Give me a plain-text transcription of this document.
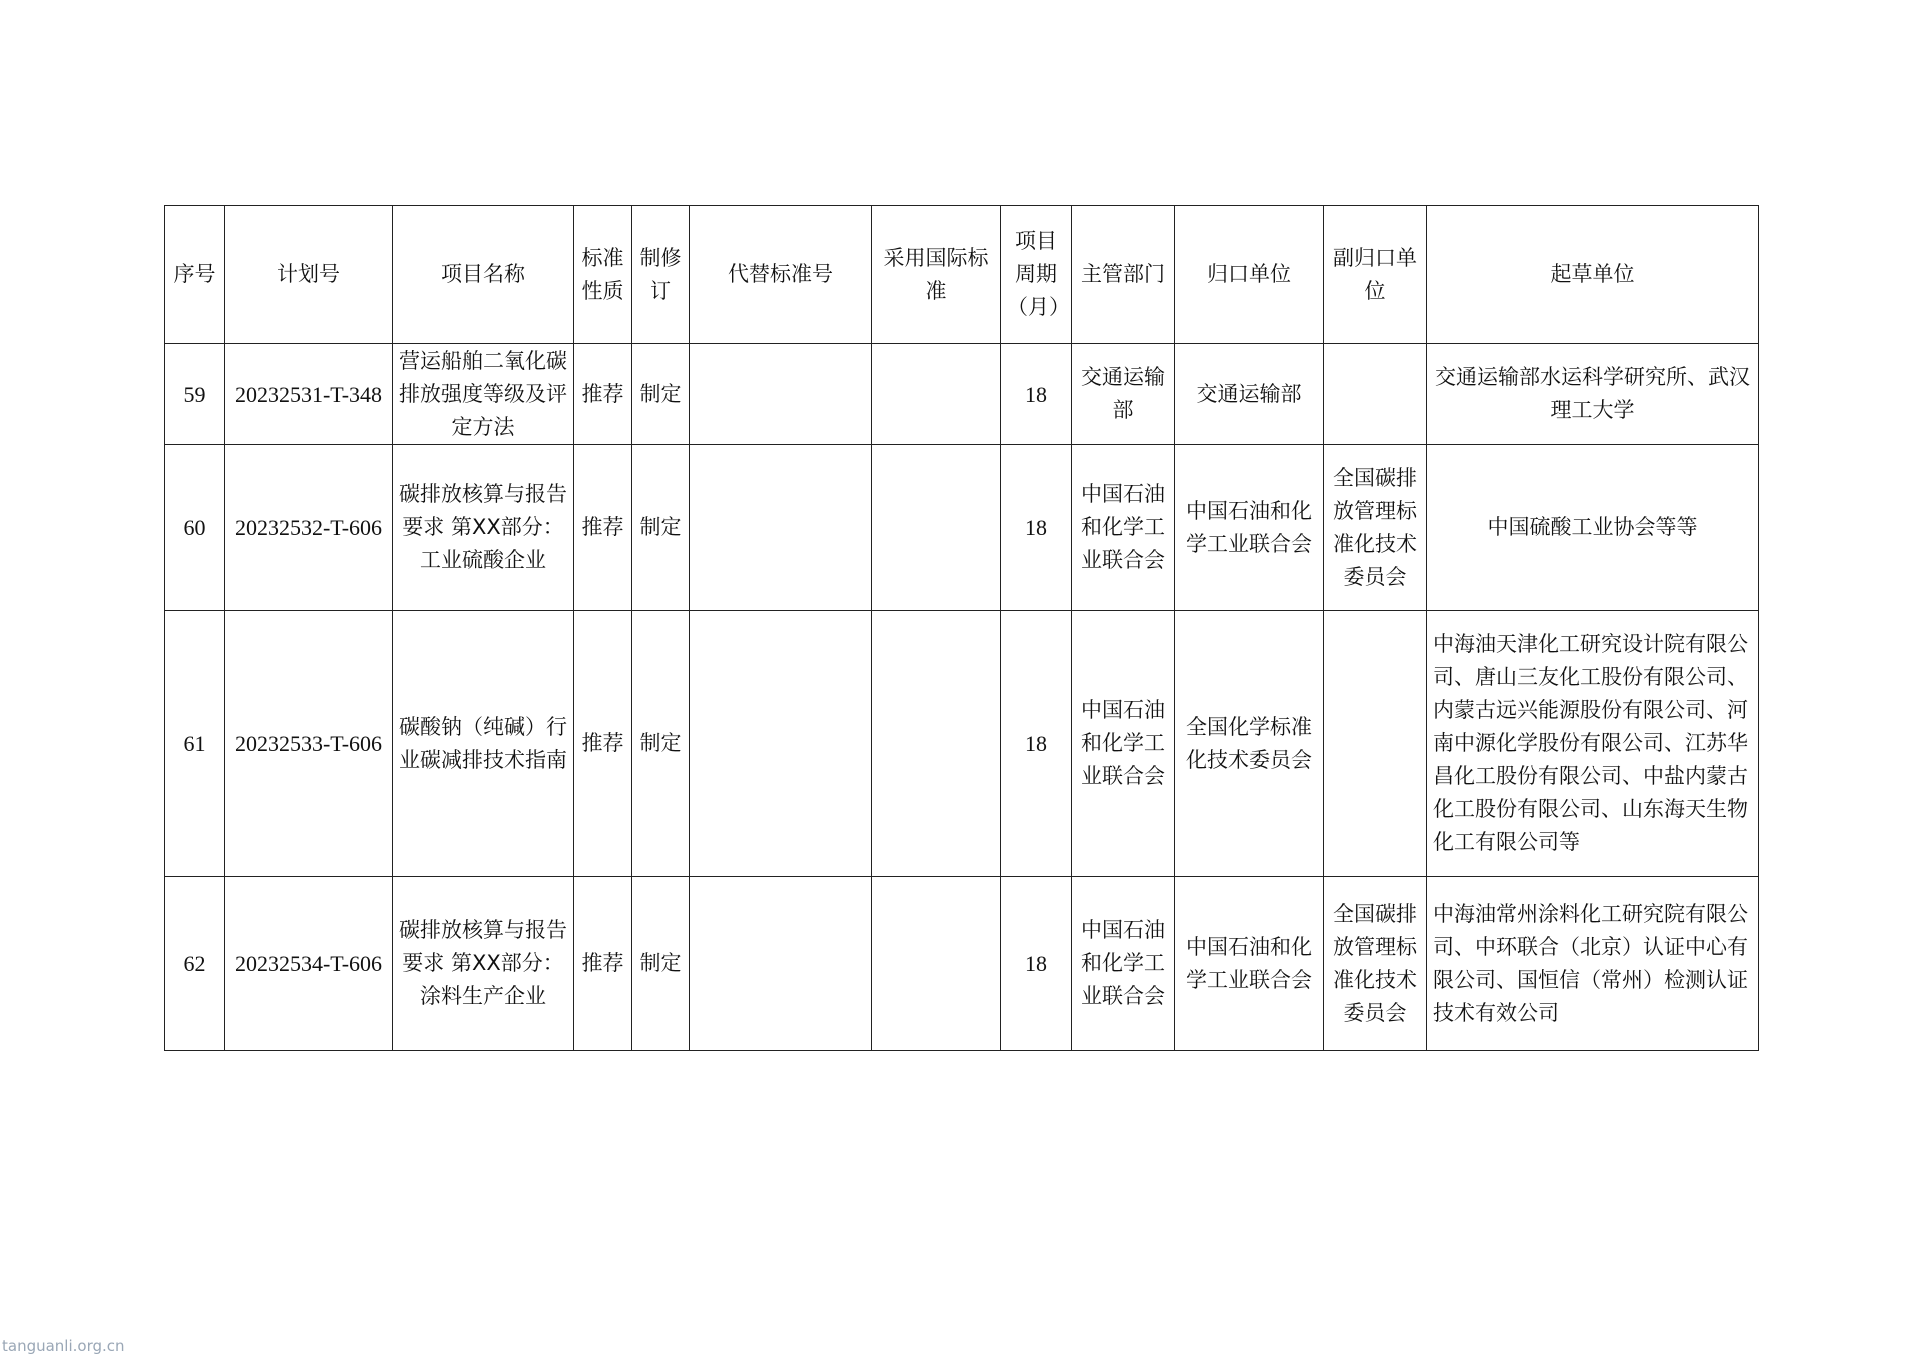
序号	计划号	项目名称	标准性质	制修订	代替标准号	采用国际标准	项目周期（月）	主管部门	归口单位	副归口单位	起草单位
59	20232531-T-348	营运船舶二氧化碳排放强度等级及评定方法	推荐	制定			18	交通运输部	交通运输部		交通运输部水运科学研究所、武汉理工大学
60	20232532-T-606	碳排放核算与报告要求 第XX部分：工业硫酸企业	推荐	制定			18	中国石油和化学工业联合会	中国石油和化学工业联合会	全国碳排放管理标准化技术委员会	中国硫酸工业协会等等
61	20232533-T-606	碳酸钠（纯碱）行业碳减排技术指南	推荐	制定			18	中国石油和化学工业联合会	全国化学标准化技术委员会		中海油天津化工研究设计院有限公司、唐山三友化工股份有限公司、内蒙古远兴能源股份有限公司、河南中源化学股份有限公司、江苏华昌化工股份有限公司、中盐内蒙古化工股份有限公司、山东海天生物化工有限公司等
62	20232534-T-606	碳排放核算与报告要求 第XX部分：涂料生产企业	推荐	制定			18	中国石油和化学工业联合会	中国石油和化学工业联合会	全国碳排放管理标准化技术委员会	中海油常州涂料化工研究院有限公司、中环联合（北京）认证中心有限公司、国恒信（常州）检测认证技术有效公司
tanguanli.org.cn
